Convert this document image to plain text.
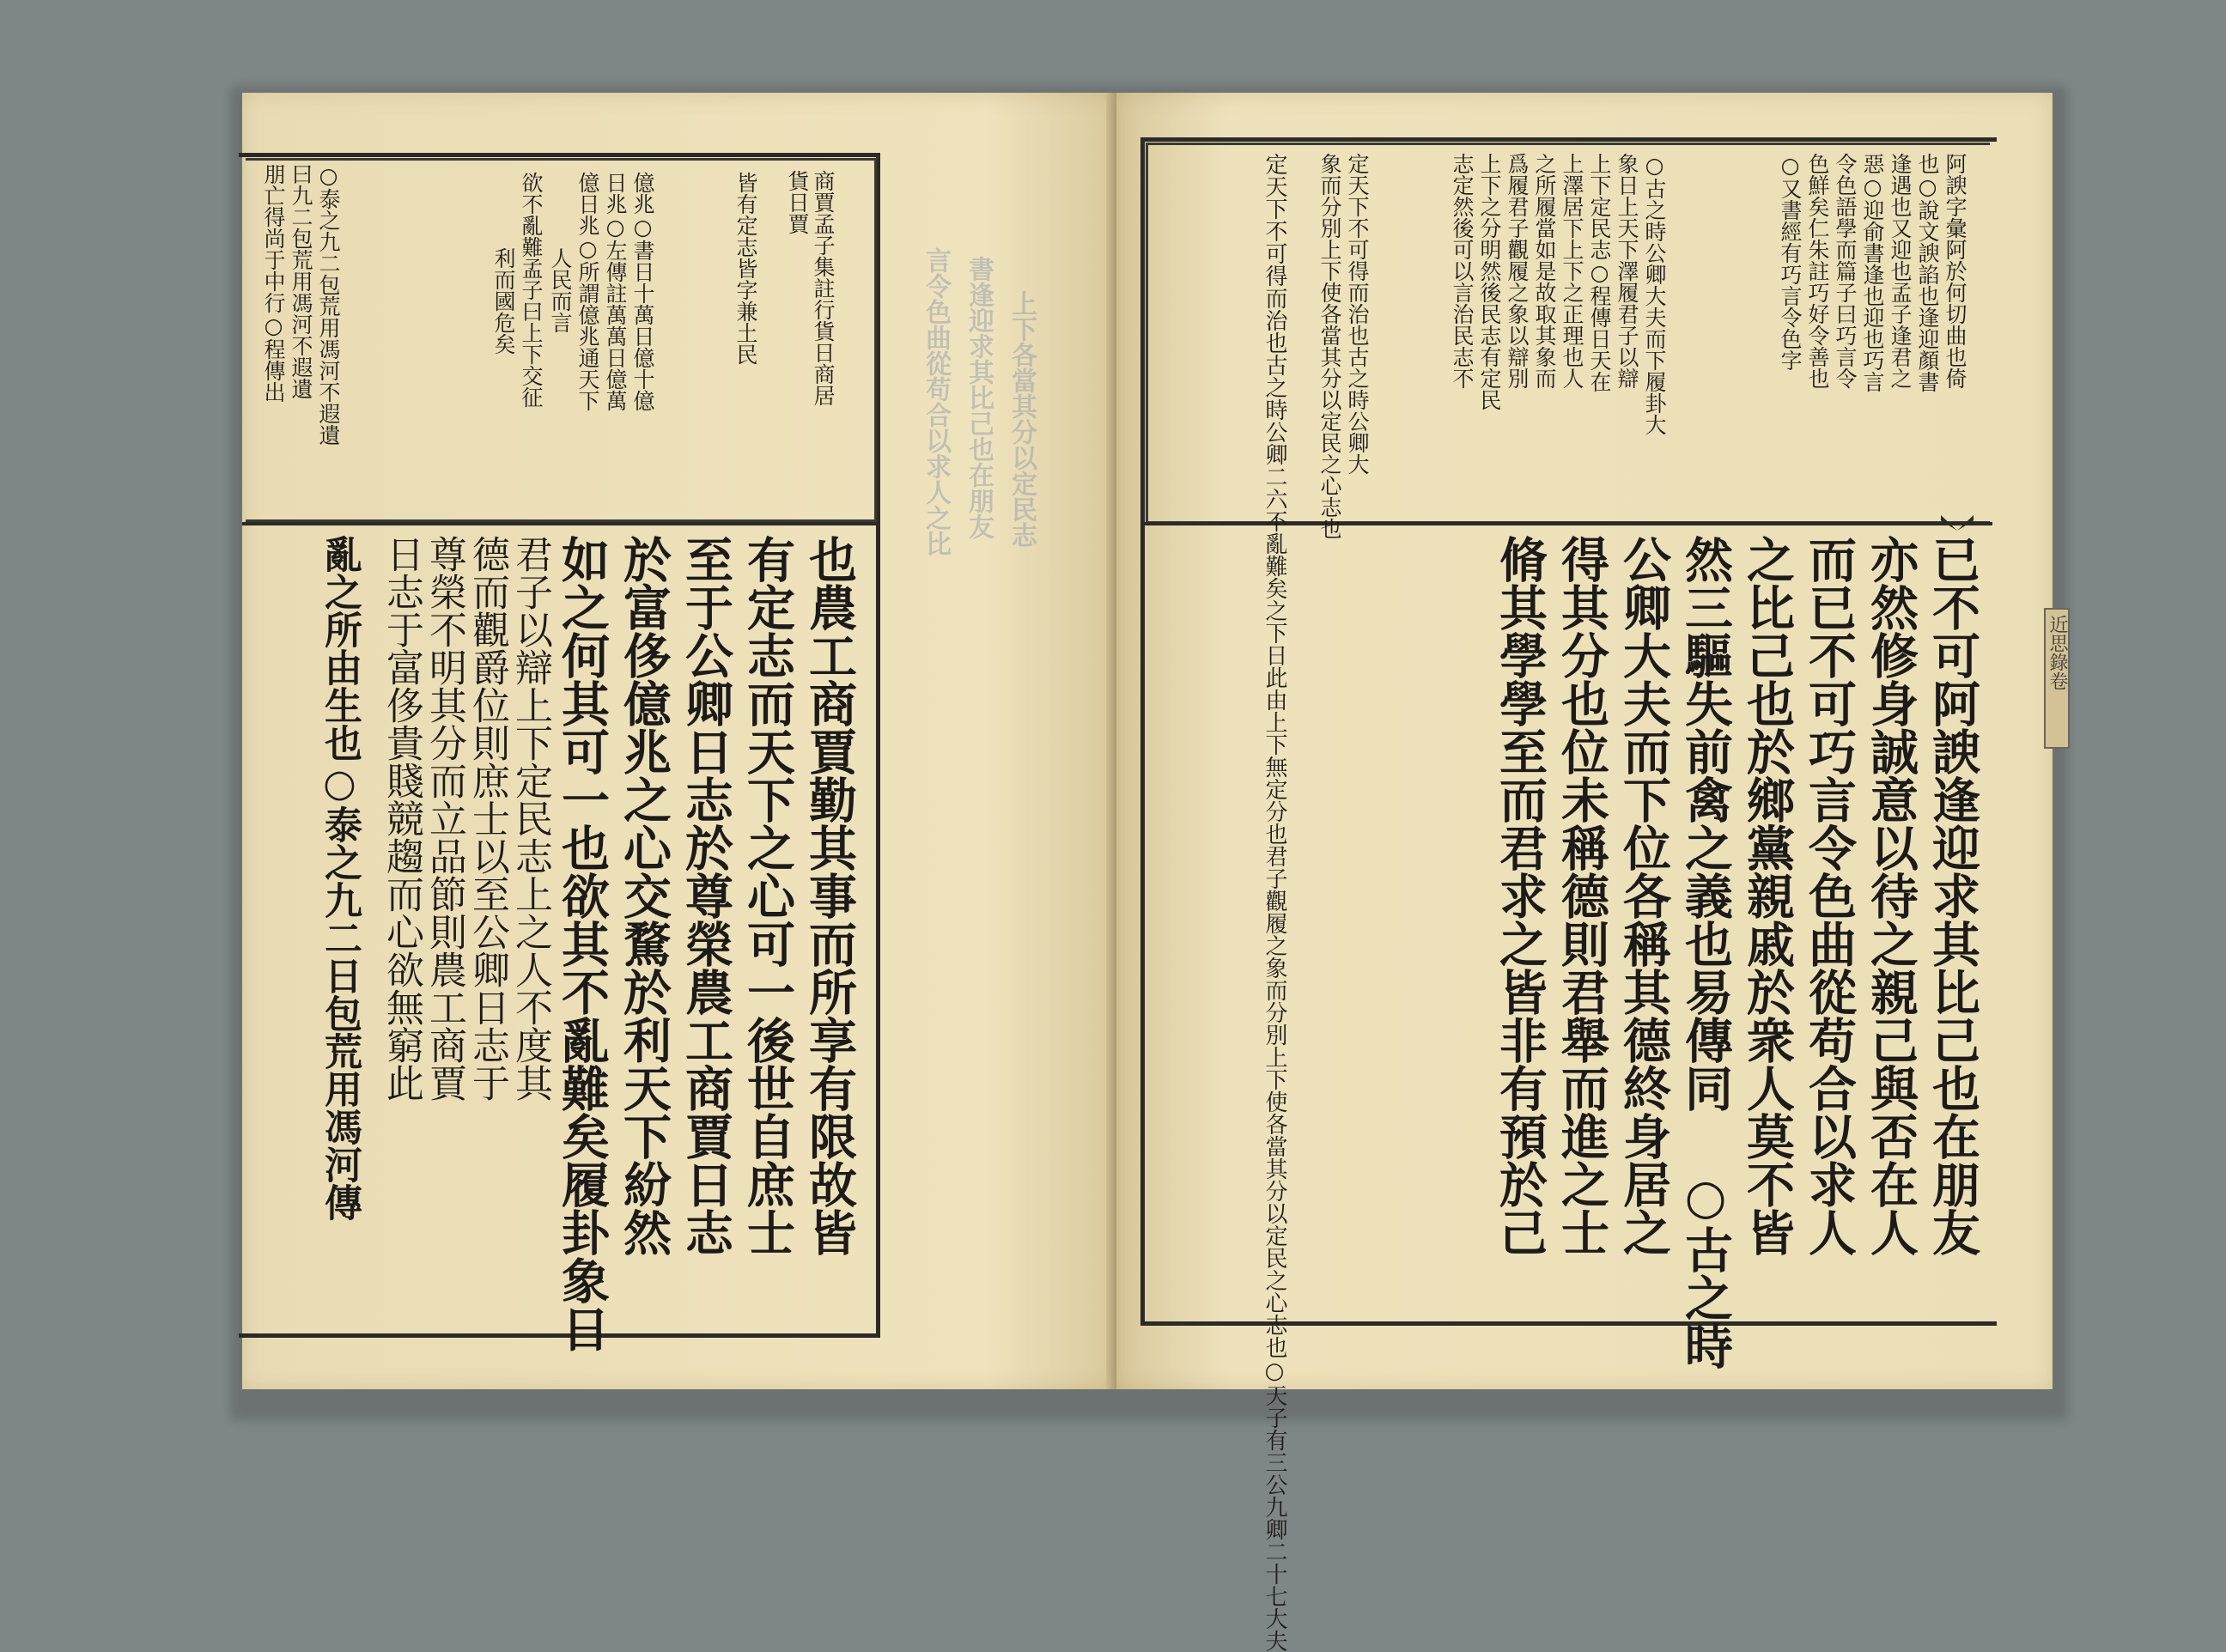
言令色曲從苟合以求人之比 書逢迎求其比己也在朋友 上下各當其分以定民志
商賈孟子集註行貨日商居
貨日賈
皆有定志皆字兼土民
億兆○書日十萬日億十億
日兆○左傳註萬萬日億萬
億日兆○所謂億兆通天下
人民而言
欲不亂難孟子曰上下交征
利而國危矣
○泰之九二包荒用馮河不遐遺
曰九二包荒用馮河不遐遺
朋亡得尚于中行○程傳出
也農工商賈勤其事而所享有限故皆
有定志而天下之心可一後世自庶士
至于公卿日志於尊榮農工商賈日志
於富侈億兆之心交騖於利天下紛然
如之何其可一也欲其不亂難矣履卦象日
君子以辯上下定民志上之人不度其
德而觀爵位則庶士以至公卿日志于
尊榮不明其分而立品節則農工商賈
日志于富侈貴賤競趨而心欲無窮此
亂之所由生也○泰之九二日包荒用馮河傳	近思錄卷
阿諛字彙阿於何切曲也倚
也○說文諛諂也逢迎顏書
逢遇也又迎也孟子逢君之
惡○迎俞書逢也迎也巧言
令色語學而篇子曰巧言令
色鮮矣仁朱註巧好令善也
○又書經有巧言令色字
○古之時公卿大夫而下履卦大
象日上天下澤履君子以辯
上下定民志○程傳日天在
上澤居下上下之正理也人
之所履當如是故取其象而
爲履君子觀履之象以辯別
上下之分明然後民志有定民
志定然後可以言治民志不
定天下不可得而治也古之時公卿大
象而分別上下使各當其分以定民之心志也
定天下不可得而治也古之時公卿二六不亂難矣之下日此由上下無定分也君子觀履之象而分別上下使各當其分以定民之心志也○天子有三公九卿二十七大夫	已不可阿諛逢迎求其比己也在朋友
亦然修身誠意以待之親己與否在人
而已不可巧言令色曲從苟合以求人
之比己也於鄉黨親戚於衆人莫不皆
然三驅失前禽之義也易傳同 ○古之時
公卿大夫而下位各稱其德終身居之
得其分也位未稱德則君舉而進之士
脩其學學至而君求之皆非有預於己
